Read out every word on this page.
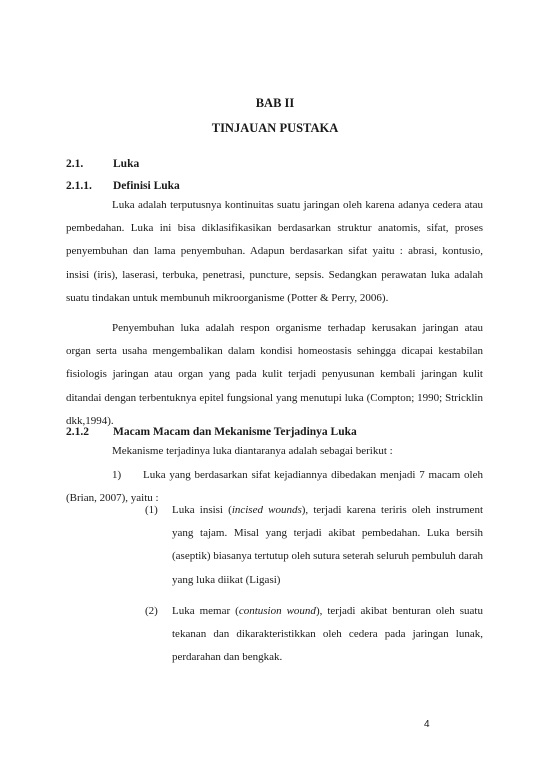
BAB II
TINJAUAN PUSTAKA
2.1.	Luka
2.1.1. Definisi Luka

Luka adalah terputusnya kontinuitas suatu jaringan oleh karena adanya cedera atau pembedahan. Luka ini bisa diklasifikasikan berdasarkan struktur anatomis, sifat, proses penyembuhan dan lama penyembuhan. Adapun berdasarkan sifat yaitu : abrasi, kontusio, insisi (iris), laserasi, terbuka, penetrasi, puncture, sepsis. Sedangkan perawatan luka adalah suatu tindakan untuk membunuh mikroorganisme (Potter & Perry, 2006).

Penyembuhan luka adalah respon organisme terhadap kerusakan jaringan atau organ serta usaha mengembalikan dalam kondisi homeostasis sehingga dicapai kestabilan fisiologis jaringan atau organ yang pada kulit terjadi penyusunan kembali jaringan kulit ditandai dengan terbentuknya epitel fungsional yang menutupi luka (Compton; 1990; Stricklin dkk,1994).

2.1.2 Macam Macam dan Mekanisme Terjadinya Luka

Mekanisme terjadinya luka diantaranya adalah sebagai berikut :

1) Luka yang berdasarkan sifat kejadiannya dibedakan menjadi 7 macam oleh (Brian, 2007), yaitu :
(1) Luka insisi (incised wounds), terjadi karena teriris oleh instrument yang tajam. Misal yang terjadi akibat pembedahan. Luka bersih (aseptik) biasanya tertutup oleh sutura seterah seluruh pembuluh darah yang luka diikat (Ligasi)
(2) Luka memar (contusion wound), terjadi akibat benturan oleh suatu tekanan dan dikarakteristikkan oleh cedera pada jaringan lunak, perdarahan dan bengkak.
4
